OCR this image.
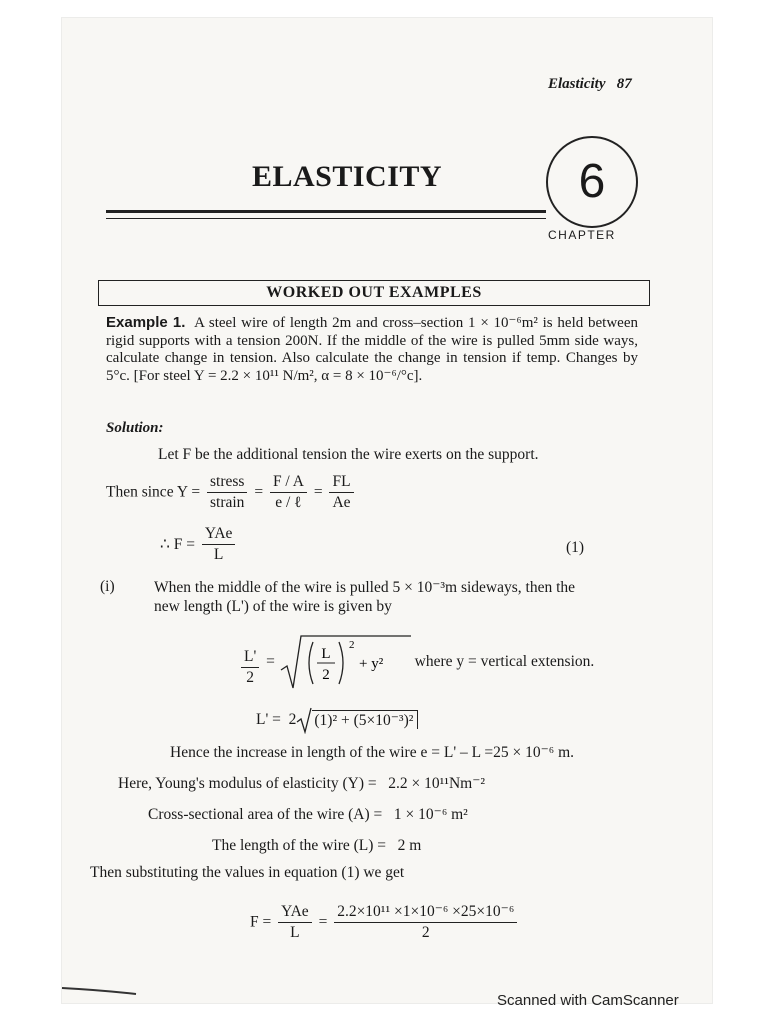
Elasticity 87
ELASTICITY	6
CHAPTER
WORKED OUT EXAMPLES
Example 1. A steel wire of length 2m and cross–section 1 × 10⁻⁶m² is held between rigid supports with a tension 200N. If the middle of the wire is pulled 5mm side ways, calculate change in tension. Also calculate the change in tension if temp. Changes by 5°c. [For steel Y = 2.2 × 10¹¹ N/m², α = 8 × 10⁻⁶/°c].
Solution:
Let F be the additional tension the wire exerts on the support.
Then since $Y = \frac{\text{stress}}{\text{strain}} = \frac{F / A}{\text{e / ℓ}} = \frac{FL}{Ae}$
∴ $F = \frac{\text{YAe}}{L}$	(1)
(i)	When the middle of the wire is pulled 5 × 10⁻³m sideways, then the
new length (L') of the wire is given by
$\frac{L'}{2}$ =	L
2
2
+ y² where y = vertical extension.
L' = 2 (1)² + (5×10⁻³)²
Hence the increase in length of the wire e = L' – L =25 × 10⁻⁶ m.
Here, Young's modulus of elasticity (Y) = 2.2 × 10¹¹Nm⁻²
Cross-sectional area of the wire (A) = 1 × 10⁻⁶ m²
The length of the wire (L) = 2 m
Then substituting the values in equation (1) we get
$F = \frac{\text{YAe}}{L} = \frac{\text{2.2×10¹¹ ×1×10⁻⁶ ×25×10⁻⁶}}{2}$
Scanned with CamScanner
